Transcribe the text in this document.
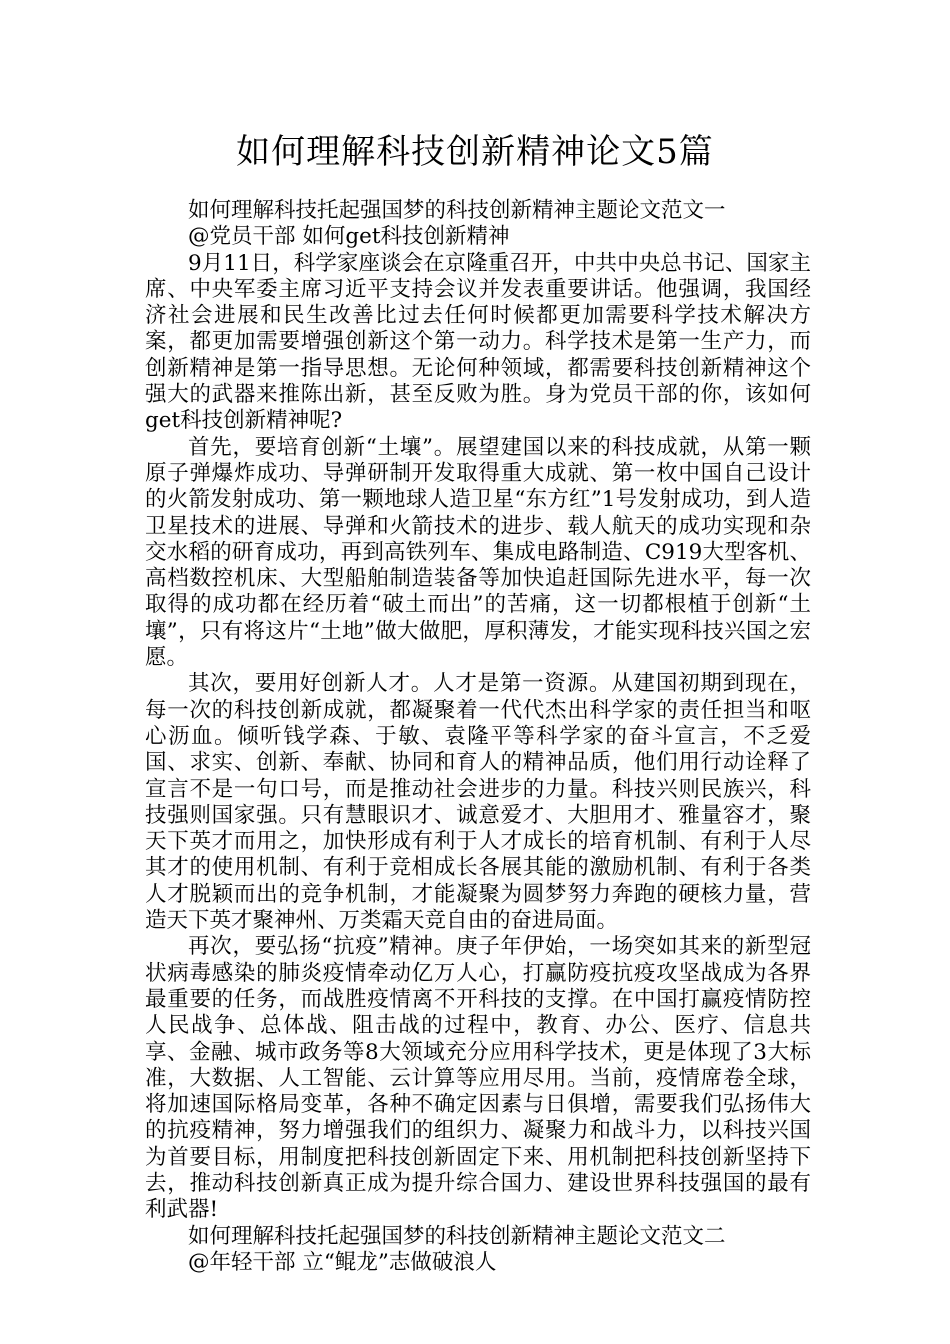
如何理解科技创新精神论文5篇

如何理解科技托起强国梦的科技创新精神主题论文范文一

@党员干部 如何get科技创新精神

9月11日，科学家座谈会在京隆重召开，中共中央总书记、国家主席、中央军委主席习近平支持会议并发表重要讲话。他强调，我国经济社会进展和民生改善比过去任何时候都更加需要科学技术解决方案，都更加需要增强创新这个第一动力。科学技术是第一生产力，而创新精神是第一指导思想。无论何种领域，都需要科技创新精神这个强大的武器来推陈出新，甚至反败为胜。身为党员干部的你，该如何get科技创新精神呢?

首先，要培育创新“土壤”。展望建国以来的科技成就，从第一颗原子弹爆炸成功、导弹研制开发取得重大成就、第一枚中国自己设计的火箭发射成功、第一颗地球人造卫星“东方红”1号发射成功，到人造卫星技术的进展、导弹和火箭技术的进步、载人航天的成功实现和杂交水稻的研育成功，再到高铁列车、集成电路制造、C919大型客机、高档数控机床、大型船舶制造装备等加快追赶国际先进水平，每一次取得的成功都在经历着“破土而出”的苦痛，这一切都根植于创新“土壤”，只有将这片“土地”做大做肥，厚积薄发，才能实现科技兴国之宏愿。

其次，要用好创新人才。人才是第一资源。从建国初期到现在，每一次的科技创新成就，都凝聚着一代代杰出科学家的责任担当和呕心沥血。倾听钱学森、于敏、袁隆平等科学家的奋斗宣言，不乏爱国、求实、创新、奉献、协同和育人的精神品质，他们用行动诠释了宣言不是一句口号，而是推动社会进步的力量。科技兴则民族兴，科技强则国家强。只有慧眼识才、诚意爱才、大胆用才、雅量容才，聚天下英才而用之，加快形成有利于人才成长的培育机制、有利于人尽其才的使用机制、有利于竞相成长各展其能的激励机制、有利于各类人才脱颖而出的竞争机制，才能凝聚为圆梦努力奔跑的硬核力量，营造天下英才聚神州、万类霜天竞自由的奋进局面。

再次，要弘扬“抗疫”精神。庚子年伊始，一场突如其来的新型冠状病毒感染的肺炎疫情牵动亿万人心，打赢防疫抗疫攻坚战成为各界最重要的任务，而战胜疫情离不开科技的支撑。在中国打赢疫情防控人民战争、总体战、阻击战的过程中，教育、办公、医疗、信息共享、金融、城市政务等8大领域充分应用科学技术，更是体现了3大标准，大数据、人工智能、云计算等应用尽用。当前，疫情席卷全球，将加速国际格局变革，各种不确定因素与日俱增，需要我们弘扬伟大的抗疫精神，努力增强我们的组织力、凝聚力和战斗力，以科技兴国为首要目标，用制度把科技创新固定下来、用机制把科技创新坚持下去，推动科技创新真正成为提升综合国力、建设世界科技强国的最有利武器!

如何理解科技托起强国梦的科技创新精神主题论文范文二

@年轻干部 立“鲲龙”志做破浪人
